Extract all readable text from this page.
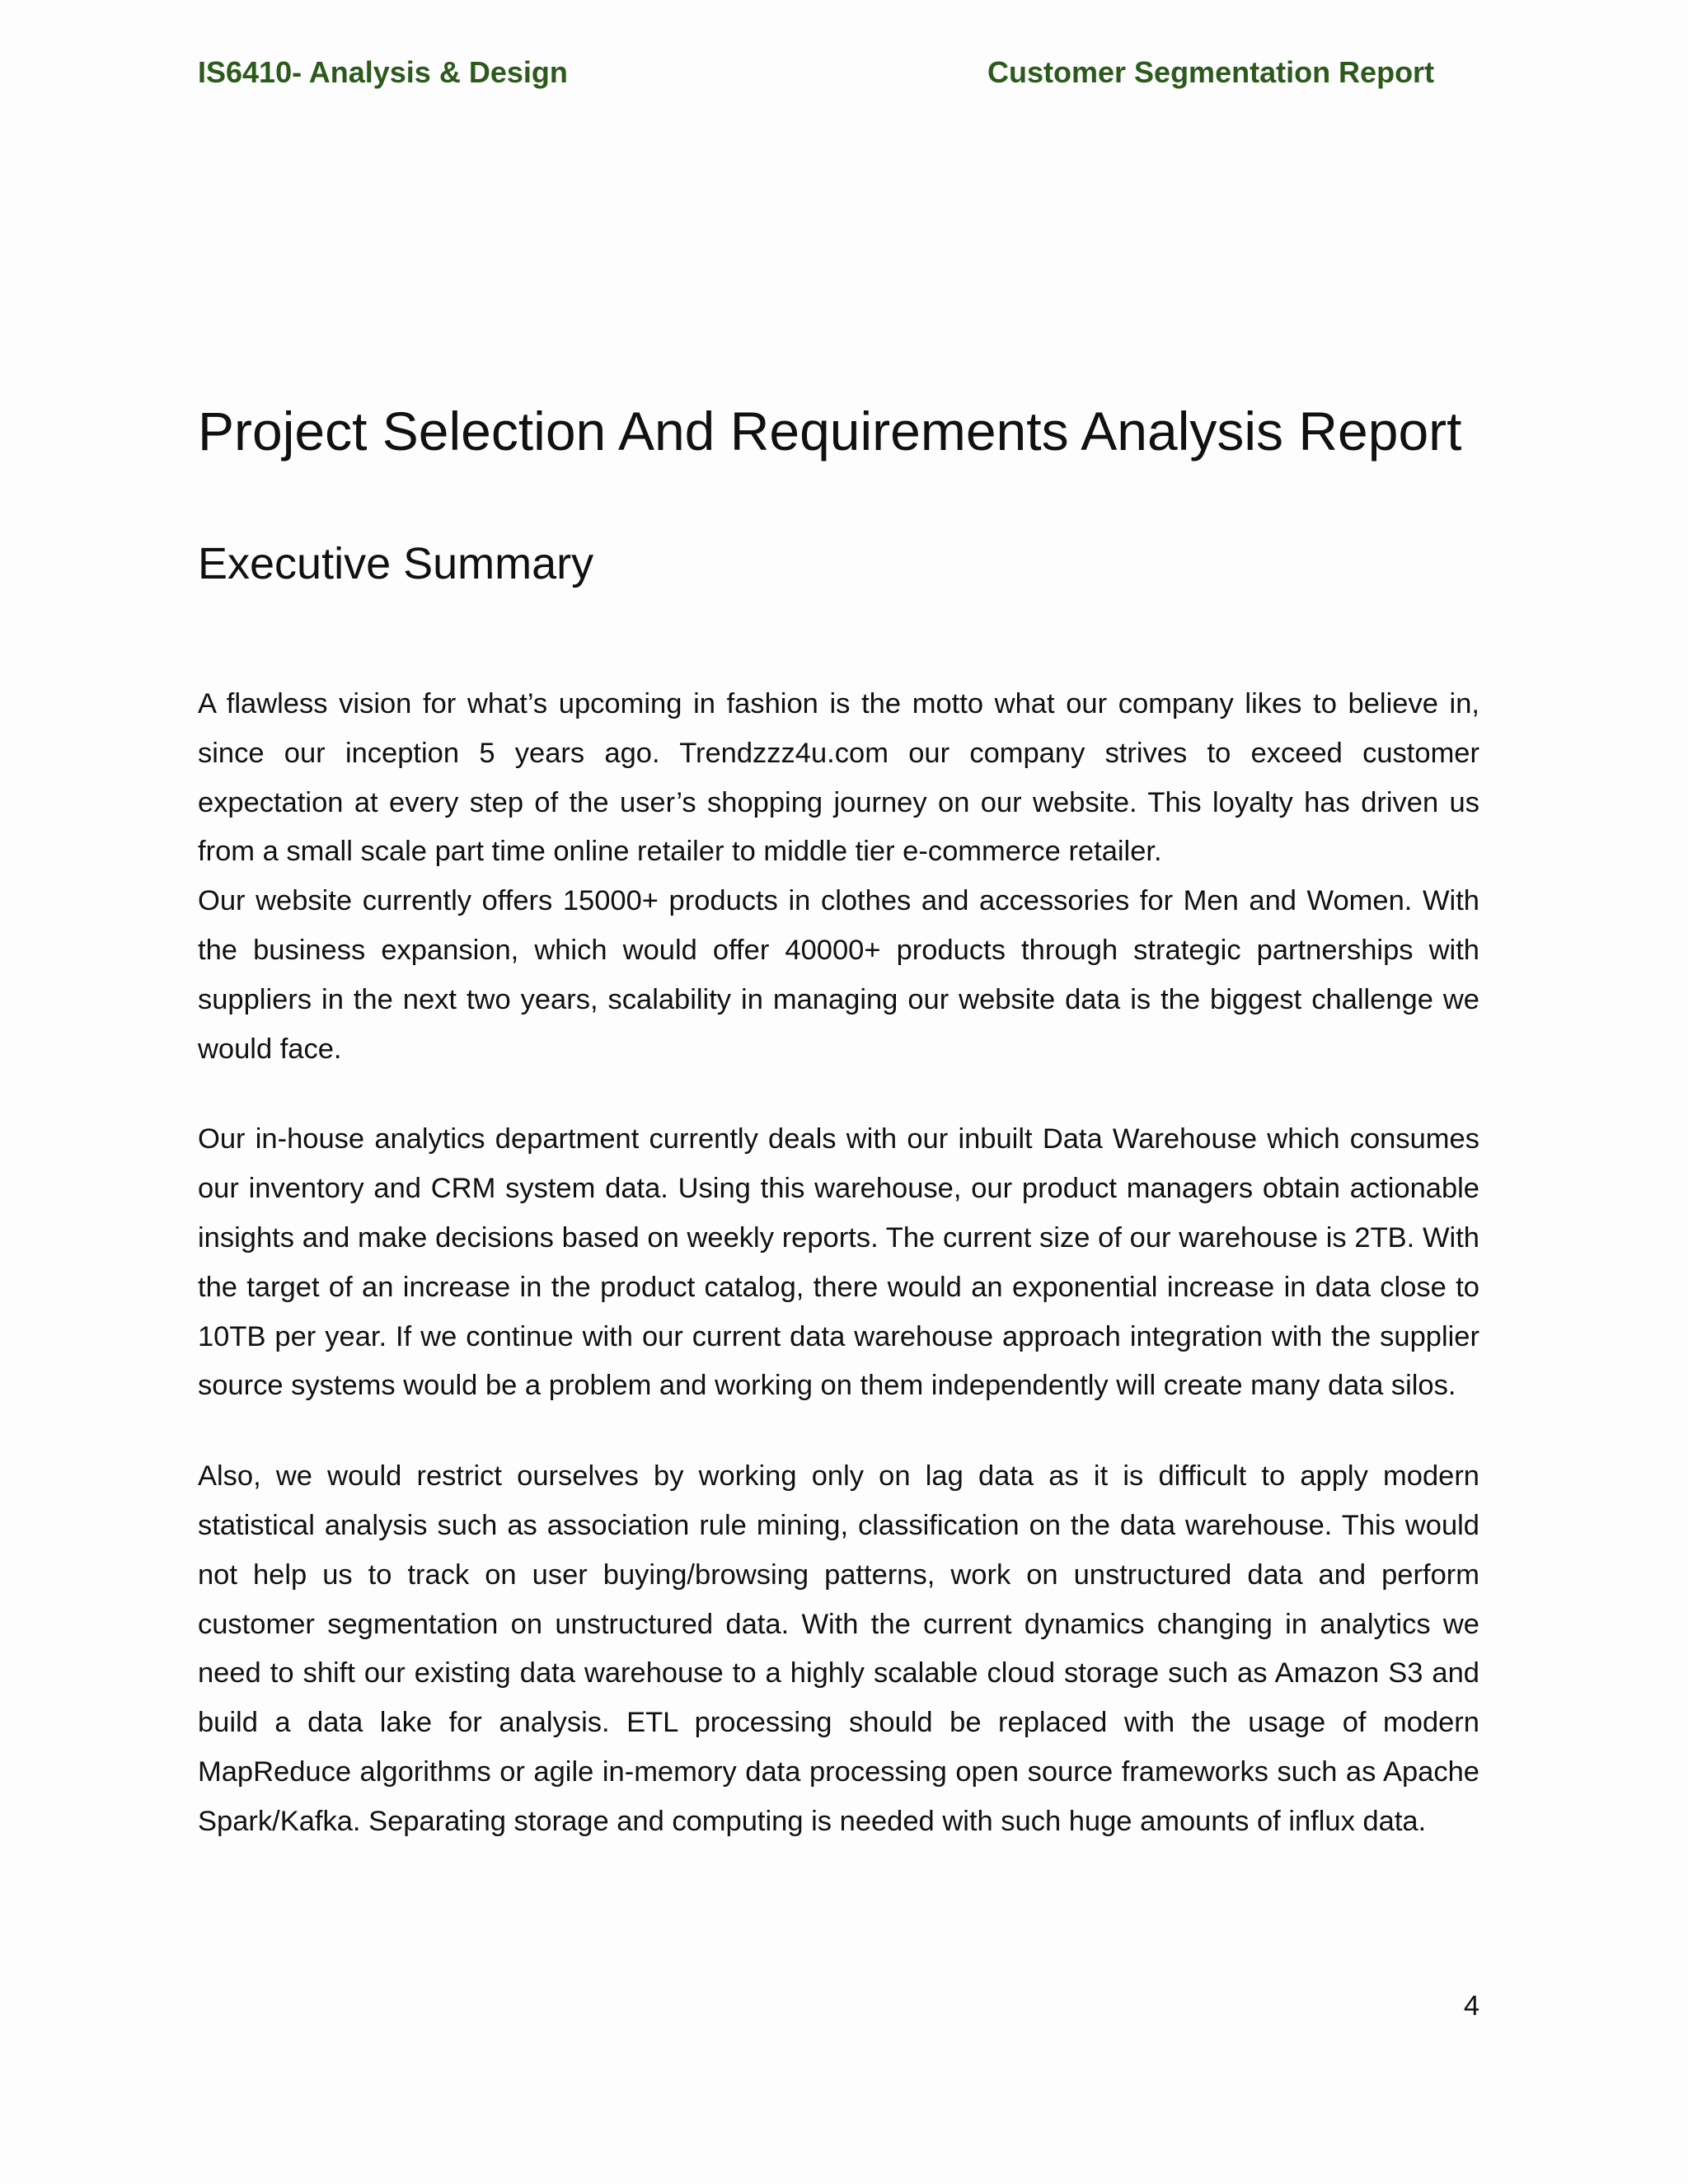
IS6410- Analysis & Design	Customer Segmentation Report
Project Selection And Requirements Analysis Report
Executive Summary

A flawless vision for what’s upcoming in fashion is the motto what our company likes to believe in, since our inception 5 years ago. Trendzzz4u.com our company strives to exceed customer expectation at every step of the user’s shopping journey on our website. This loyalty has driven us from a small scale part time online retailer to middle tier e-commerce retailer.

Our website currently offers 15000+ products in clothes and accessories for Men and Women. With the business expansion, which would offer 40000+ products through strategic partnerships with suppliers in the next two years, scalability in managing our website data is the biggest challenge we would face.

Our in-house analytics department currently deals with our inbuilt Data Warehouse which consumes our inventory and CRM system data. Using this warehouse, our product managers obtain actionable insights and make decisions based on weekly reports. The current size of our warehouse is 2TB. With the target of an increase in the product catalog, there would an exponential increase in data close to 10TB per year. If we continue with our current data warehouse approach integration with the supplier source systems would be a problem and working on them independently will create many data silos.

Also, we would restrict ourselves by working only on lag data as it is difficult to apply modern statistical analysis such as association rule mining, classification on the data warehouse. This would not help us to track on user buying/browsing patterns, work on unstructured data and perform customer segmentation on unstructured data. With the current dynamics changing in analytics we need to shift our existing data warehouse to a highly scalable cloud storage such as Amazon S3 and build a data lake for analysis. ETL processing should be replaced with the usage of modern MapReduce algorithms or agile in-memory data processing open source frameworks such as Apache Spark/Kafka. Separating storage and computing is needed with such huge amounts of influx data.

4
